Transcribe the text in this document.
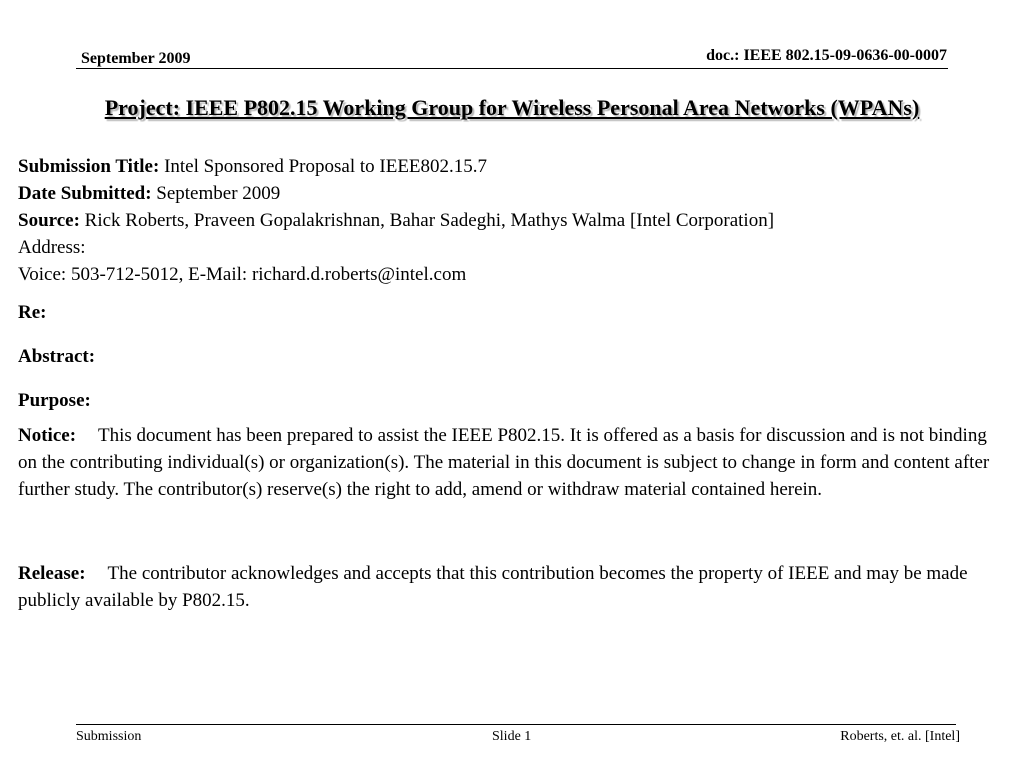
September 2009	doc.: IEEE 802.15-09-0636-00-0007
Project: IEEE P802.15 Working Group for Wireless Personal Area Networks (WPANs)
Submission Title: Intel Sponsored Proposal to IEEE802.15.7
Date Submitted: September 2009
Source: Rick Roberts, Praveen Gopalakrishnan, Bahar Sadeghi, Mathys Walma [Intel Corporation]
Address:
Voice: 503-712-5012, E-Mail: richard.d.roberts@intel.com
Re:
Abstract:
Purpose:
Notice: This document has been prepared to assist the IEEE P802.15. It is offered as a basis for discussion and is not binding on the contributing individual(s) or organization(s). The material in this document is subject to change in form and content after further study. The contributor(s) reserve(s) the right to add, amend or withdraw material contained herein.
Release: The contributor acknowledges and accepts that this contribution becomes the property of IEEE and may be made publicly available by P802.15.
Submission	Slide 1	Roberts, et. al. [Intel]
